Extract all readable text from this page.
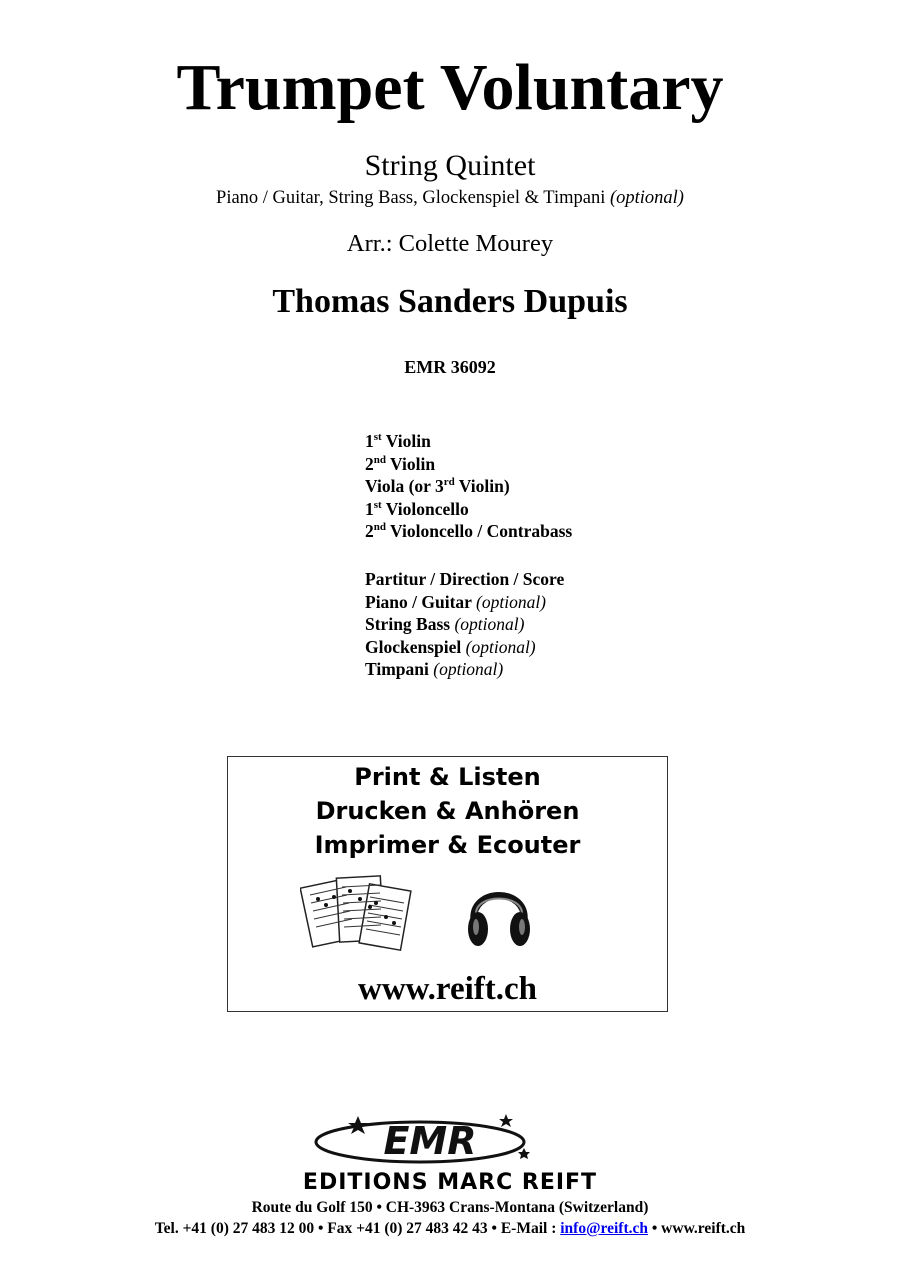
Trumpet Voluntary
String Quintet
Piano / Guitar, String Bass, Glockenspiel & Timpani (optional)
Arr.: Colette Mourey
Thomas Sanders Dupuis
EMR 36092
1st Violin
2nd Violin
Viola (or 3rd Violin)
1st Violoncello
2nd Violoncello / Contrabass
Partitur / Direction / Score
Piano / Guitar (optional)
String Bass (optional)
Glockenspiel (optional)
Timpani (optional)
Print & Listen
Drucken & Anhören
Imprimer & Ecouter
www.reift.ch
EMR
EDITIONS MARC REIFT
Route du Golf 150 • CH-3963 Crans-Montana (Switzerland)
Tel. +41 (0) 27 483 12 00 • Fax +41 (0) 27 483 42 43 • E-Mail : info@reift.ch • www.reift.ch
